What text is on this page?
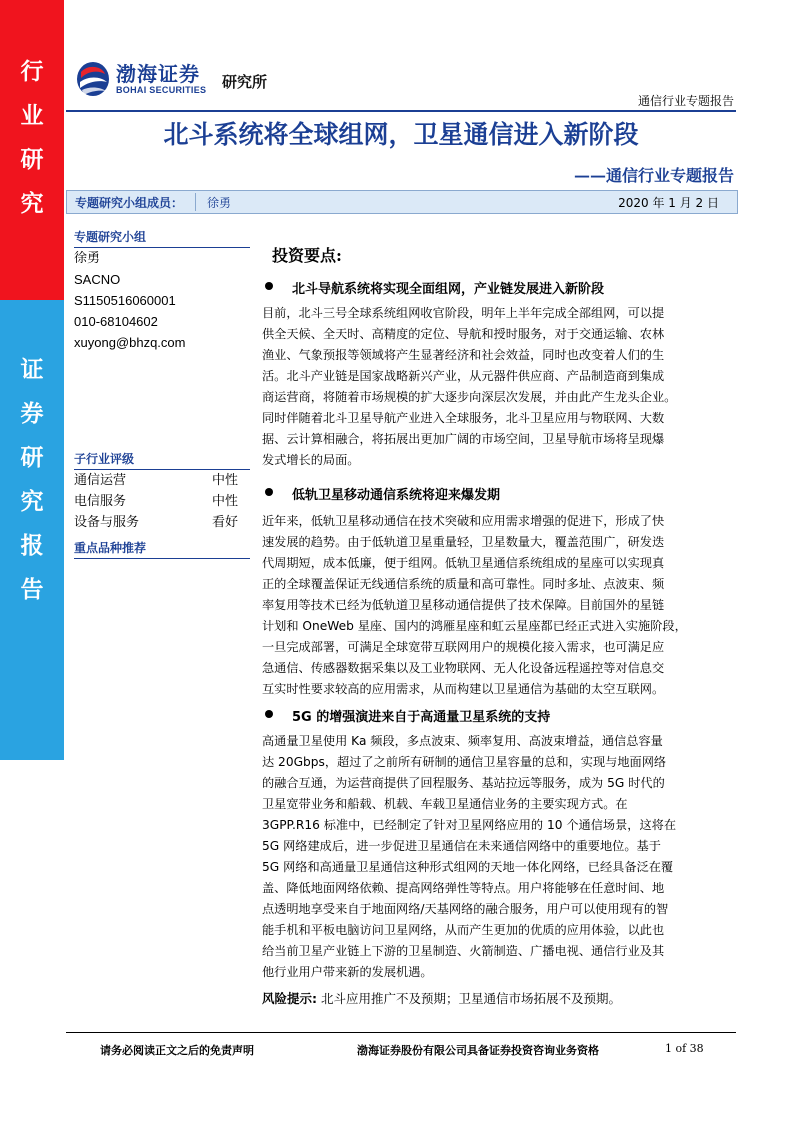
行
业
研
究
证
券
研
究
报
告
渤海证券
BOHAI SECURITIES 研究所
通信行业专题报告
北斗系统将全球组网，卫星通信进入新阶段
——通信行业专题报告
专题研究小组成员： 徐勇	2020 年 1 月 2 日
专题研究小组
徐勇
SACNO
S1150516060001
010-68104602
xuyong@bhzq.com
子行业评级
通信运营	中性
电信服务	中性
设备与服务	看好
重点品种推荐
投资要点:
北斗导航系统将实现全面组网，产业链发展进入新阶段
目前，北斗三号全球系统组网收官阶段，明年上半年完成全部组网，可以提
供全天候、全天时、高精度的定位、导航和授时服务，对于交通运输、农林
渔业、气象预报等领域将产生显著经济和社会效益，同时也改变着人们的生
活。北斗产业链是国家战略新兴产业，从元器件供应商、产品制造商到集成
商运营商，将随着市场规模的扩大逐步向深层次发展，并由此产生龙头企业。
同时伴随着北斗卫星导航产业进入全球服务，北斗卫星应用与物联网、大数
据、云计算相融合，将拓展出更加广阔的市场空间，卫星导航市场将呈现爆
发式增长的局面。
低轨卫星移动通信系统将迎来爆发期
近年来，低轨卫星移动通信在技术突破和应用需求增强的促进下，形成了快
速发展的趋势。由于低轨道卫星重量轻，卫星数量大，覆盖范围广，研发迭
代周期短，成本低廉，便于组网。低轨卫星通信系统组成的星座可以实现真
正的全球覆盖保证无线通信系统的质量和高可靠性。同时多址、点波束、频
率复用等技术已经为低轨道卫星移动通信提供了技术保障。目前国外的星链
计划和 OneWeb 星座、国内的鸿雁星座和虹云星座都已经正式进入实施阶段，
一旦完成部署，可满足全球宽带互联网用户的规模化接入需求，也可满足应
急通信、传感器数据采集以及工业物联网、无人化设备远程遥控等对信息交
互实时性要求较高的应用需求，从而构建以卫星通信为基础的太空互联网。
5G 的增强演进来自于高通量卫星系统的支持
高通量卫星使用 Ka 频段，多点波束、频率复用、高波束增益，通信总容量
达 20Gbps，超过了之前所有研制的通信卫星容量的总和，实现与地面网络
的融合互通，为运营商提供了回程服务、基站拉远等服务，成为 5G 时代的
卫星宽带业务和船载、机载、车载卫星通信业务的主要实现方式。在
3GPP.R16 标准中，已经制定了针对卫星网络应用的 10 个通信场景，这将在
5G 网络建成后，进一步促进卫星通信在未来通信网络中的重要地位。基于
5G 网络和高通量卫星通信这种形式组网的天地一体化网络，已经具备泛在覆
盖、降低地面网络依赖、提高网络弹性等特点。用户将能够在任意时间、地
点透明地享受来自于地面网络/天基网络的融合服务，用户可以使用现有的智
能手机和平板电脑访问卫星网络，从而产生更加的优质的应用体验，以此也
给当前卫星产业链上下游的卫星制造、火箭制造、广播电视、通信行业及其
他行业用户带来新的发展机遇。
风险提示: 北斗应用推广不及预期；卫星通信市场拓展不及预期。
请务必阅读正文之后的免责声明	渤海证券股份有限公司具备证券投资咨询业务资格	1 of 38
